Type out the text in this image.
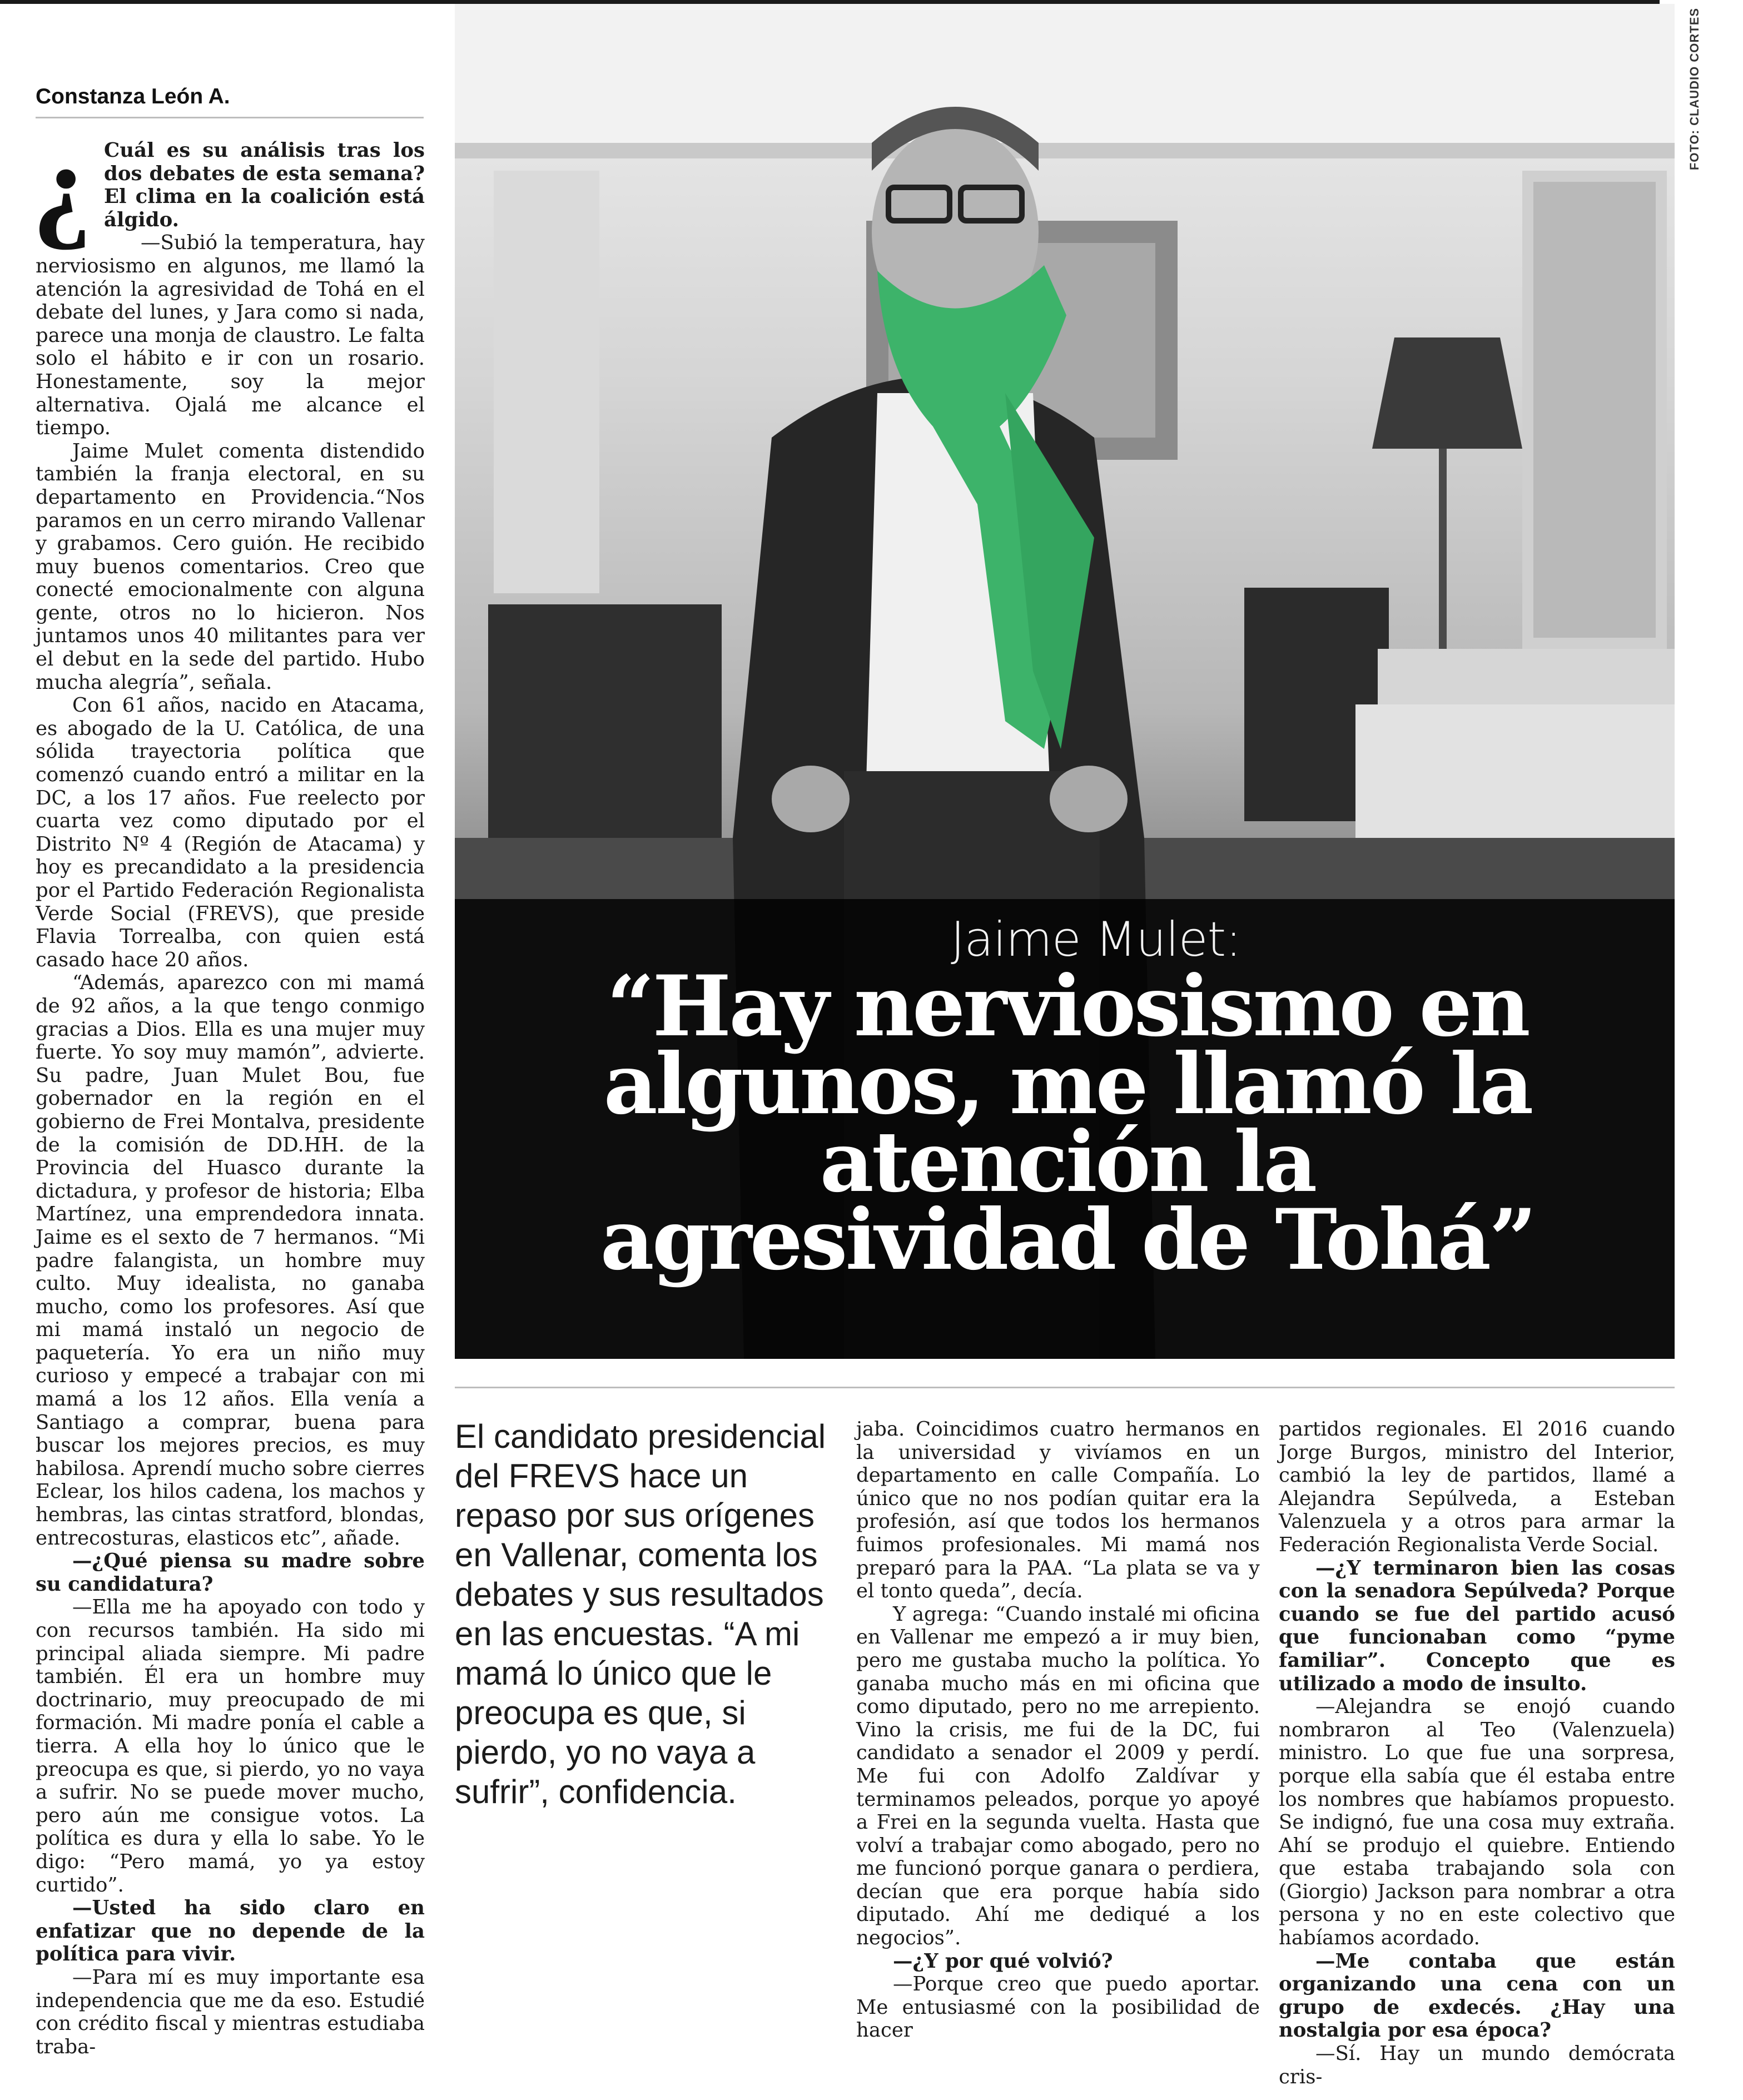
Constanza León A.
¿ Cuál es su análisis tras los dos debates de esta semana? El clima en la coalición está álgido.

—Subió la temperatura, hay nerviosismo en algunos, me llamó la atención la agresividad de Tohá en el debate del lunes, y Jara como si nada, parece una monja de claustro. Le falta solo el hábito e ir con un rosario. Honestamente, soy la mejor alternativa. Ojalá me alcance el tiempo.

Jaime Mulet comenta distendido también la franja electoral, en su departamento en Providencia.“Nos paramos en un cerro mirando Vallenar y grabamos. Cero guión. He recibido muy buenos comentarios. Creo que conecté emocionalmente con alguna gente, otros no lo hicieron. Nos juntamos unos 40 militantes para ver el debut en la sede del partido. Hubo mucha alegría”, señala.

Con 61 años, nacido en Atacama, es abogado de la U. Católica, de una sólida trayectoria política que comenzó cuando entró a militar en la DC, a los 17 años. Fue reelecto por cuarta vez como diputado por el Distrito Nº 4 (Región de Atacama) y hoy es precandidato a la presidencia por el Partido Federación Regionalista Verde Social (FREVS), que preside Flavia Torrealba, con quien está casado hace 20 años.

“Además, aparezco con mi mamá de 92 años, a la que tengo conmigo gracias a Dios. Ella es una mujer muy fuerte. Yo soy muy mamón”, advierte. Su padre, Juan Mulet Bou, fue gobernador en la región en el gobierno de Frei Montalva, presidente de la comisión de DD.HH. de la Provincia del Huasco durante la dictadura, y profesor de historia; Elba Martínez, una emprendedora innata. Jaime es el sexto de 7 hermanos. “Mi padre falangista, un hombre muy culto. Muy idealista, no ganaba mucho, como los profesores. Así que mi mamá instaló un negocio de paquetería. Yo era un niño muy curioso y empecé a trabajar con mi mamá a los 12 años. Ella venía a Santiago a comprar, buena para buscar los mejores precios, es muy habilosa. Aprendí mucho sobre cierres Eclear, los hilos cadena, los machos y hembras, las cintas stratford, blondas, entrecosturas, elasticos etc”, añade.

—¿Qué piensa su madre sobre su candidatura?

—Ella me ha apoyado con todo y con recursos también. Ha sido mi principal aliada siempre. Mi padre también. Él era un hombre muy doctrinario, muy preocupado de mi formación. Mi madre ponía el cable a tierra. A ella hoy lo único que le preocupa es que, si pierdo, yo no vaya a sufrir. No se puede mover mucho, pero aún me consigue votos. La política es dura y ella lo sabe. Yo le digo: “Pero mamá, yo ya estoy curtido”.

—Usted ha sido claro en enfatizar que no depende de la política para vivir.

—Para mí es muy importante esa independencia que me da eso. Estudié con crédito fiscal y mientras estudiaba traba-

Jaime Mulet:
“Hay nerviosismo en algunos, me llamó la atención la agresividad de Tohá”
FOTO: CLAUDIO CORTES
El candidato presidencial del FREVS hace un repaso por sus orígenes en Vallenar, comenta los debates y sus resultados en las encuestas. “A mi mamá lo único que le preocupa es que, si pierdo, yo no vaya a sufrir”, confidencia.

jaba. Coincidimos cuatro hermanos en la universidad y vivíamos en un departamento en calle Compañía. Lo único que no nos podían quitar era la profesión, así que todos los hermanos fuimos profesionales. Mi mamá nos preparó para la PAA. “La plata se va y el tonto queda”, decía.

Y agrega: “Cuando instalé mi oficina en Vallenar me empezó a ir muy bien, pero me gustaba mucho la política. Yo ganaba mucho más en mi oficina que como diputado, pero no me arrepiento. Vino la crisis, me fui de la DC, fui candidato a senador el 2009 y perdí. Me fui con Adolfo Zaldívar y terminamos peleados, porque yo apoyé a Frei en la segunda vuelta. Hasta que volví a trabajar como abogado, pero no me funcionó porque ganara o perdiera, decían que era porque había sido diputado. Ahí me dediqué a los negocios”.

—¿Y por qué volvió?

—Porque creo que puedo aportar. Me entusiasmé con la posibilidad de hacer

partidos regionales. El 2016 cuando Jorge Burgos, ministro del Interior, cambió la ley de partidos, llamé a Alejandra Sepúlveda, a Esteban Valenzuela y a otros para armar la Federación Regionalista Verde Social.

—¿Y terminaron bien las cosas con la senadora Sepúlveda? Porque cuando se fue del partido acusó que funcionaban como “pyme familiar”. Concepto que es utilizado a modo de insulto.

—Alejandra se enojó cuando nombraron al Teo (Valenzuela) ministro. Lo que fue una sorpresa, porque ella sabía que él estaba entre los nombres que habíamos propuesto. Se indignó, fue una cosa muy extraña. Ahí se produjo el quiebre. Entiendo que estaba trabajando sola con (Giorgio) Jackson para nombrar a otra persona y no en este colectivo que habíamos acordado.

—Me contaba que están organizando una cena con un grupo de exdecés. ¿Hay una nostalgia por esa época?

—Sí. Hay un mundo demócrata cris-
